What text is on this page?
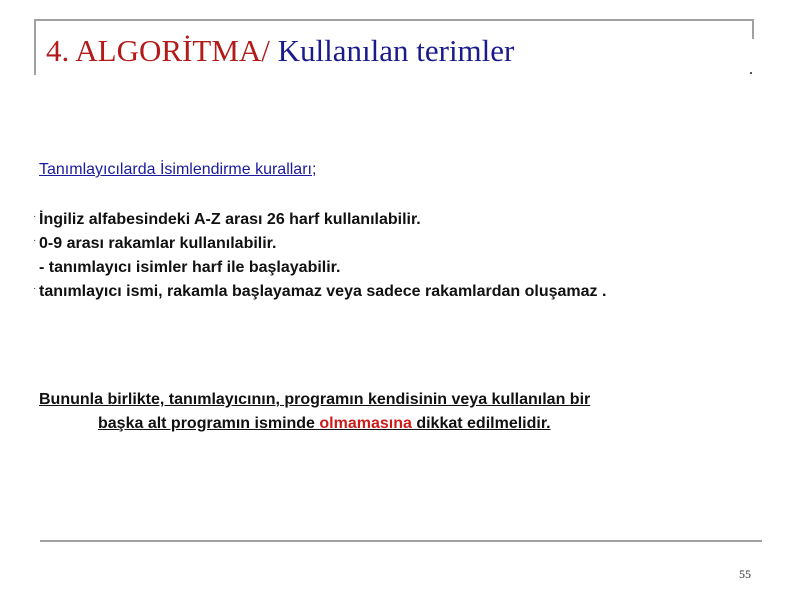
4. ALGORİTMA/ Kullanılan terimler

Tanımlayıcılarda İsimlendirme kuralları;

· İngiliz alfabesindeki A-Z arası 26 harf kullanılabilir.
· 0-9 arası rakamlar kullanılabilir.
- tanımlayıcı isimler harf ile başlayabilir.
· tanımlayıcı ismi, rakamla başlayamaz veya sadece rakamlardan oluşamaz .

Bununla birlikte, tanımlayıcının, programın kendisinin veya kullanılan bir
başka alt programın isminde olmamasına dikkat edilmelidir.

55
